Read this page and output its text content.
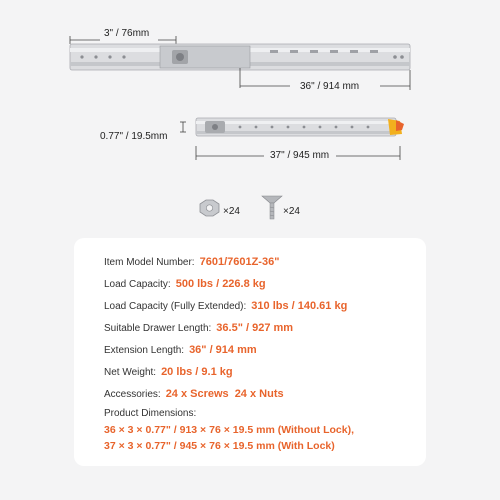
3" / 76mm
36" / 914 mm
0.77" / 19.5mm
37" / 945 mm
×24	×24
Item Model Number: 7601/7601Z-36"
Load Capacity: 500 lbs / 226.8 kg
Load Capacity (Fully Extended): 310 lbs / 140.61 kg
Suitable Drawer Length: 36.5" / 927 mm
Extension Length: 36" / 914 mm
Net Weight: 20 lbs / 9.1 kg
Accessories: 24 x Screws 24 x Nuts
Product Dimensions:
36 × 3 × 0.77" / 913 × 76 × 19.5 mm (Without Lock),
37 × 3 × 0.77" / 945 × 76 × 19.5 mm (With Lock)
